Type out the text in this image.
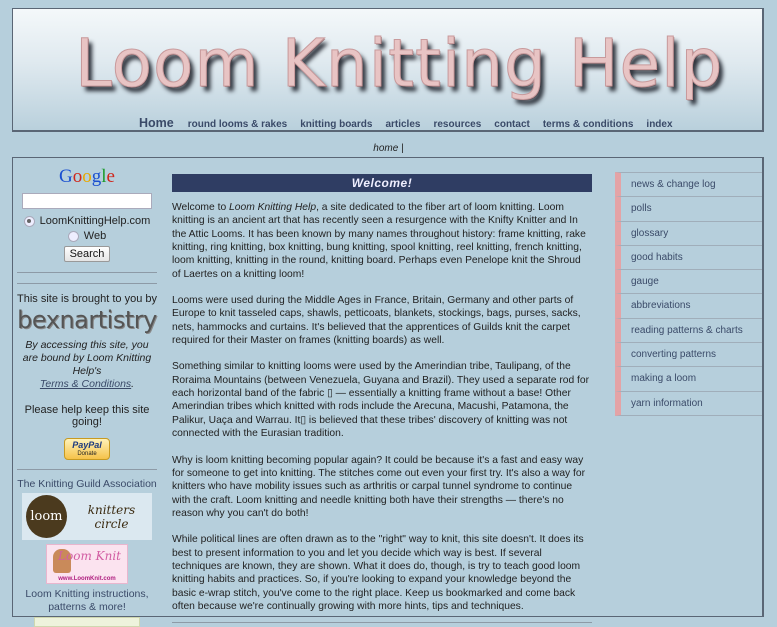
Loom Knitting Help
Home round looms & rakes knitting boards articles resources contact terms & conditions index
home |
Google
LoomKnittingHelp.com
Web
Search
This site is brought to you by
bexnartistry
By accessing this site, you are bound by Loom Knitting Help's
Terms & Conditions.
Please help keep this site going!
PayPal
Donate
The Knitting Guild Association
loom	knitters circle
Loom Knit
www.LoomKnit.com
Loom Knitting instructions, patterns & more!
Welcome!

Welcome to Loom Knitting Help, a site dedicated to the fiber art of loom knitting. Loom knitting is an ancient art that has recently seen a resurgence with the Knifty Knitter and In the Attic Looms. It has been known by many names throughout history: frame knitting, rake knitting, ring knitting, box knitting, bung knitting, spool knitting, reel knitting, french knitting, loom knitting, knitting in the round, knitting board. Perhaps even Penelope knit the Shroud of Laertes on a knitting loom!

Looms were used during the Middle Ages in France, Britain, Germany and other parts of Europe to knit tasseled caps, shawls, petticoats, blankets, stockings, bags, purses, sacks, nets, hammocks and curtains. It's believed that the apprentices of Guilds knit the carpet required for their Master on frames (knitting boards) as well.

Something similar to knitting looms were used by the Amerindian tribe, Taulipang, of the Roraima Mountains (between Venezuela, Guyana and Brazil). They used a separate rod for each horizontal band of the fabric ▯ — essentially a knitting frame without a base! Other Amerindian tribes which knitted with rods include the Arecuna, Macushi, Patamona, the Palikur, Uaça and Warrau. It▯ is believed that these tribes' discovery of knitting was not connected with the Eurasian tradition.

Why is loom knitting becoming popular again? It could be because it's a fast and easy way for someone to get into knitting. The stitches come out even your first try. It's also a way for knitters who have mobility issues such as arthritis or carpal tunnel syndrome to continue with the craft. Loom knitting and needle knitting both have their strengths — there's no reason why you can't do both!

While political lines are often drawn as to the "right" way to knit, this site doesn't. It does its best to present information to you and let you decide which way is best. If several techniques are known, they are shown. What it does do, though, is try to teach good loom knitting habits and practices. So, if you're looking to expand your knowledge beyond the basic e-wrap stitch, you've come to the right place. Keep us bookmarked and come back often because we're continually growing with more hints, tips and techniques.

news & change log
polls
glossary
good habits
gauge
abbreviations
reading patterns & charts
converting patterns
making a loom
yarn information
